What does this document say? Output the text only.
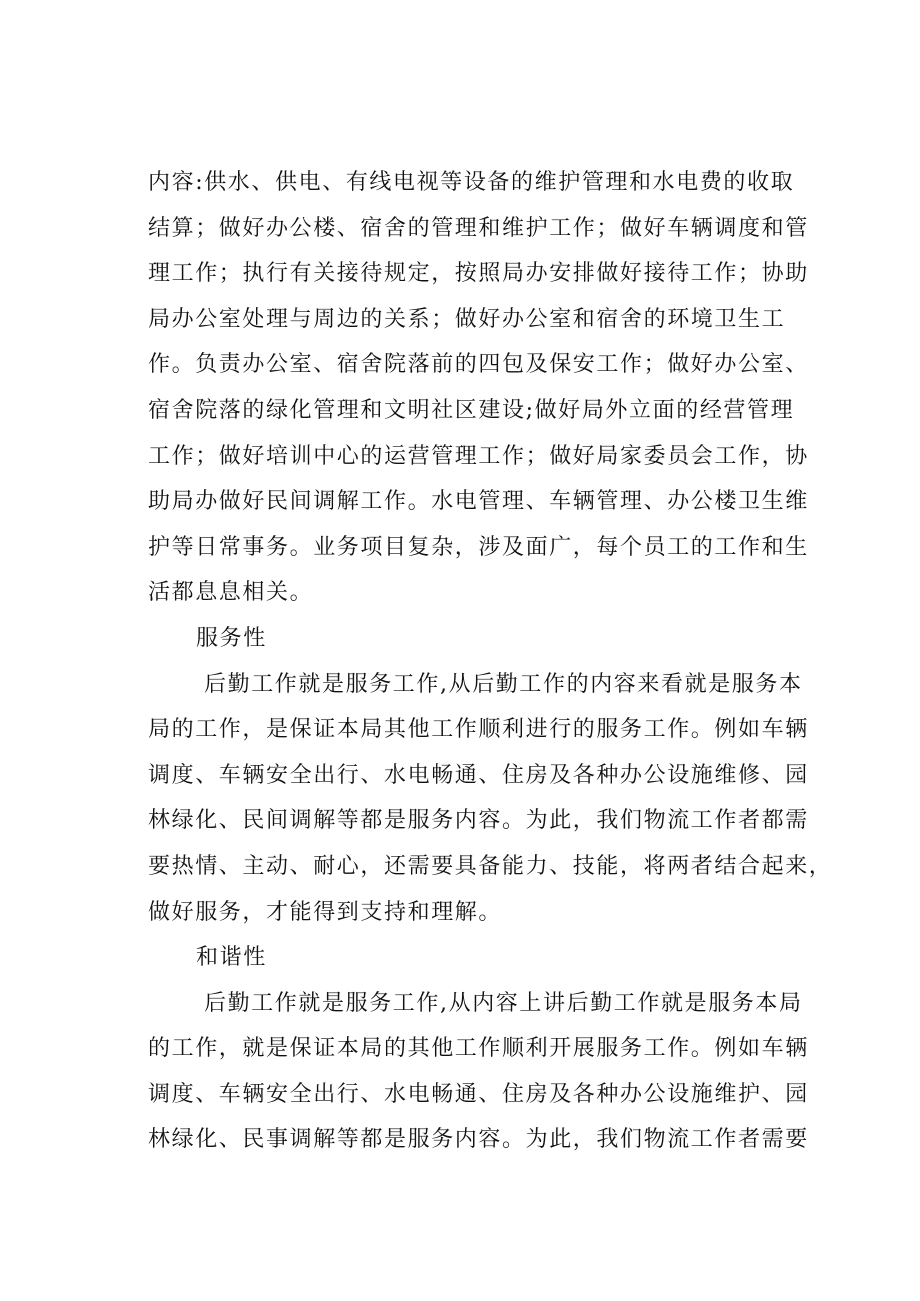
内容:供水、供电、有线电视等设备的维护管理和水电费的收取
结算；做好办公楼、宿舍的管理和维护工作；做好车辆调度和管
理工作；执行有关接待规定，按照局办安排做好接待工作；协助
局办公室处理与周边的关系；做好办公室和宿舍的环境卫生工
作。负责办公室、宿舍院落前的四包及保安工作；做好办公室、
宿舍院落的绿化管理和文明社区建设;做好局外立面的经营管理
工作；做好培训中心的运营管理工作；做好局家委员会工作，协
助局办做好民间调解工作。水电管理、车辆管理、办公楼卫生维
护等日常事务。业务项目复杂，涉及面广，每个员工的工作和生
活都息息相关。
服务性
后勤工作就是服务工作,从后勤工作的内容来看就是服务本
局的工作，是保证本局其他工作顺利进行的服务工作。例如车辆
调度、车辆安全出行、水电畅通、住房及各种办公设施维修、园
林绿化、民间调解等都是服务内容。为此，我们物流工作者都需
要热情、主动、耐心，还需要具备能力、技能，将两者结合起来，
做好服务，才能得到支持和理解。
和谐性
后勤工作就是服务工作,从内容上讲后勤工作就是服务本局
的工作，就是保证本局的其他工作顺利开展服务工作。例如车辆
调度、车辆安全出行、水电畅通、住房及各种办公设施维护、园
林绿化、民事调解等都是服务内容。为此，我们物流工作者需要
